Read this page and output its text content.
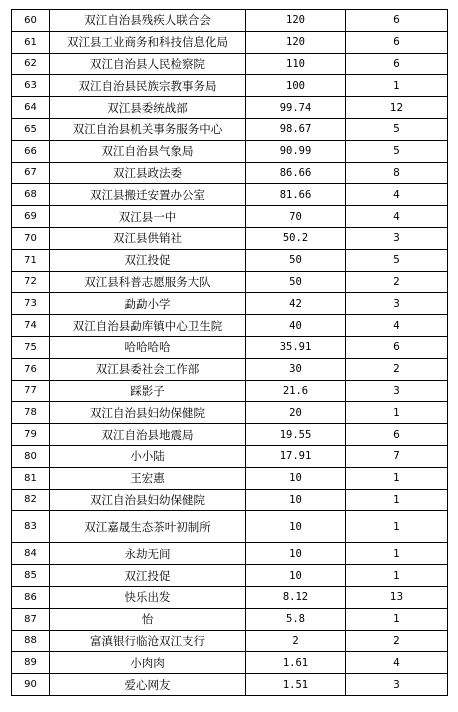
60	双江自治县残疾人联合会	120	6
61	双江县工业商务和科技信息化局	120	6
62	双江自治县人民检察院	110	6
63	双江自治县民族宗教事务局	100	1
64	双江县委统战部	99.74	12
65	双江自治县机关事务服务中心	98.67	5
66	双江自治县气象局	90.99	5
67	双江县政法委	86.66	8
68	双江县搬迁安置办公室	81.66	4
69	双江县一中	70	4
70	双江县供销社	50.2	3
71	双江投促	50	5
72	双江县科普志愿服务大队	50	2
73	勐勐小学	42	3
74	双江自治县勐库镇中心卫生院	40	4
75	哈哈哈哈	35.91	6
76	双江县委社会工作部	30	2
77	踩影子	21.6	3
78	双江自治县妇幼保健院	20	1
79	双江自治县地震局	19.55	6
80	小小陆	17.91	7
81	王宏惠	10	1
82	双江自治县妇幼保健院	10	1
83	双江嘉晟生态茶叶初制所	10	1
84	永劫无间	10	1
85	双江投促	10	1
86	快乐出发	8.12	13
87	怡	5.8	1
88	富滇银行临沧双江支行	2	2
89	小肉肉	1.61	4
90	爱心网友	1.51	3
